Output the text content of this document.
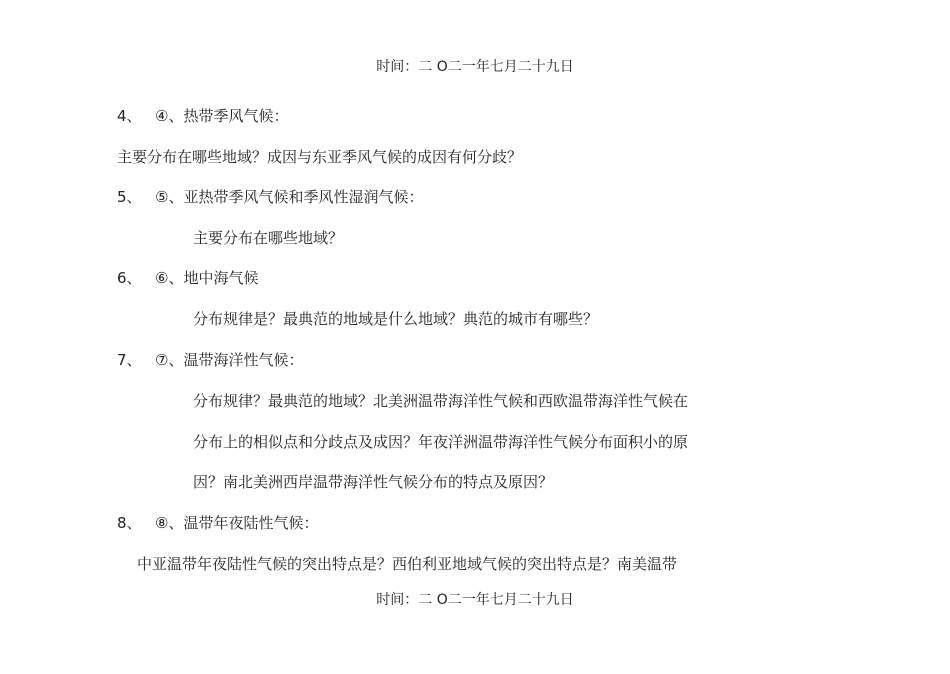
时间：二 O二一年七月二十九日
4、 ④、热带季风气候：
主要分布在哪些地域？成因与东亚季风气候的成因有何分歧？
5、 ⑤、亚热带季风气候和季风性湿润气候：
主要分布在哪些地域？
6、 ⑥、地中海气候
分布规律是？最典范的地域是什么地域？典范的城市有哪些？
7、 ⑦、温带海洋性气候：
分布规律？最典范的地域？北美洲温带海洋性气候和西欧温带海洋性气候在
分布上的相似点和分歧点及成因？年夜洋洲温带海洋性气候分布面积小的原
因？南北美洲西岸温带海洋性气候分布的特点及原因？
8、 ⑧、温带年夜陆性气候：
中亚温带年夜陆性气候的突出特点是？西伯利亚地域气候的突出特点是？南美温带
时间：二 O二一年七月二十九日
